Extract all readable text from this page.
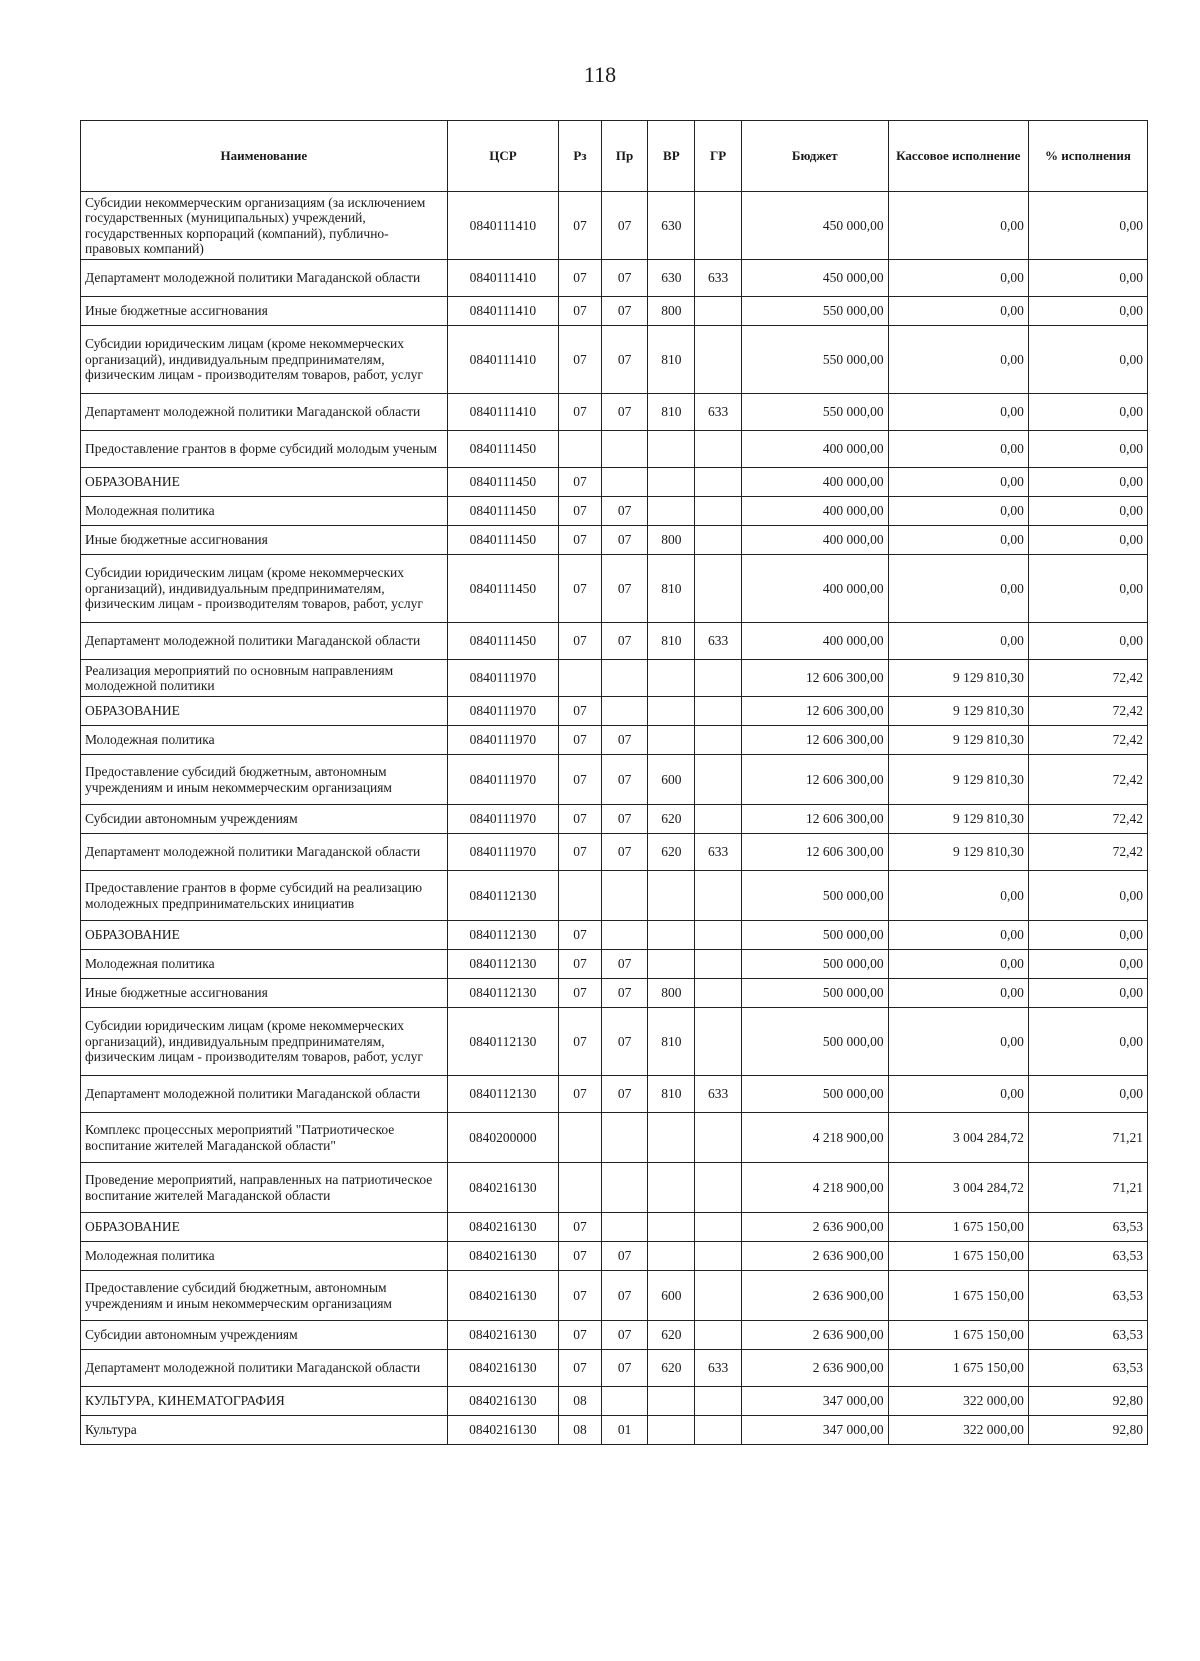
118
Наименование	ЦСР	Рз	Пр	ВР	ГР	Бюджет	Кассовое исполнение	% исполнения
Субсидии некоммерческим организациям (за исключением государственных (муниципальных) учреждений, государственных корпораций (компаний), публично-правовых компаний)	0840111410	07	07	630		450 000,00	0,00	0,00
Департамент молодежной политики Магаданской области	0840111410	07	07	630	633	450 000,00	0,00	0,00
Иные бюджетные ассигнования	0840111410	07	07	800		550 000,00	0,00	0,00
Субсидии юридическим лицам (кроме некоммерческих организаций), индивидуальным предпринимателям, физическим лицам - производителям товаров, работ, услуг	0840111410	07	07	810		550 000,00	0,00	0,00
Департамент молодежной политики Магаданской области	0840111410	07	07	810	633	550 000,00	0,00	0,00
Предоставление грантов в форме субсидий молодым ученым	0840111450					400 000,00	0,00	0,00
ОБРАЗОВАНИЕ	0840111450	07				400 000,00	0,00	0,00
Молодежная политика	0840111450	07	07			400 000,00	0,00	0,00
Иные бюджетные ассигнования	0840111450	07	07	800		400 000,00	0,00	0,00
Субсидии юридическим лицам (кроме некоммерческих организаций), индивидуальным предпринимателям, физическим лицам - производителям товаров, работ, услуг	0840111450	07	07	810		400 000,00	0,00	0,00
Департамент молодежной политики Магаданской области	0840111450	07	07	810	633	400 000,00	0,00	0,00
Реализация мероприятий по основным направлениям молодежной политики	0840111970					12 606 300,00	9 129 810,30	72,42
ОБРАЗОВАНИЕ	0840111970	07				12 606 300,00	9 129 810,30	72,42
Молодежная политика	0840111970	07	07			12 606 300,00	9 129 810,30	72,42
Предоставление субсидий бюджетным, автономным учреждениям и иным некоммерческим организациям	0840111970	07	07	600		12 606 300,00	9 129 810,30	72,42
Субсидии автономным учреждениям	0840111970	07	07	620		12 606 300,00	9 129 810,30	72,42
Департамент молодежной политики Магаданской области	0840111970	07	07	620	633	12 606 300,00	9 129 810,30	72,42
Предоставление грантов в форме субсидий на реализацию молодежных предпринимательских инициатив	0840112130					500 000,00	0,00	0,00
ОБРАЗОВАНИЕ	0840112130	07				500 000,00	0,00	0,00
Молодежная политика	0840112130	07	07			500 000,00	0,00	0,00
Иные бюджетные ассигнования	0840112130	07	07	800		500 000,00	0,00	0,00
Субсидии юридическим лицам (кроме некоммерческих организаций), индивидуальным предпринимателям, физическим лицам - производителям товаров, работ, услуг	0840112130	07	07	810		500 000,00	0,00	0,00
Департамент молодежной политики Магаданской области	0840112130	07	07	810	633	500 000,00	0,00	0,00
Комплекс процессных мероприятий "Патриотическое воспитание жителей Магаданской области"	0840200000					4 218 900,00	3 004 284,72	71,21
Проведение мероприятий, направленных на патриотическое воспитание жителей Магаданской области	0840216130					4 218 900,00	3 004 284,72	71,21
ОБРАЗОВАНИЕ	0840216130	07				2 636 900,00	1 675 150,00	63,53
Молодежная политика	0840216130	07	07			2 636 900,00	1 675 150,00	63,53
Предоставление субсидий бюджетным, автономным учреждениям и иным некоммерческим организациям	0840216130	07	07	600		2 636 900,00	1 675 150,00	63,53
Субсидии автономным учреждениям	0840216130	07	07	620		2 636 900,00	1 675 150,00	63,53
Департамент молодежной политики Магаданской области	0840216130	07	07	620	633	2 636 900,00	1 675 150,00	63,53
КУЛЬТУРА, КИНЕМАТОГРАФИЯ	0840216130	08				347 000,00	322 000,00	92,80
Культура	0840216130	08	01			347 000,00	322 000,00	92,80
